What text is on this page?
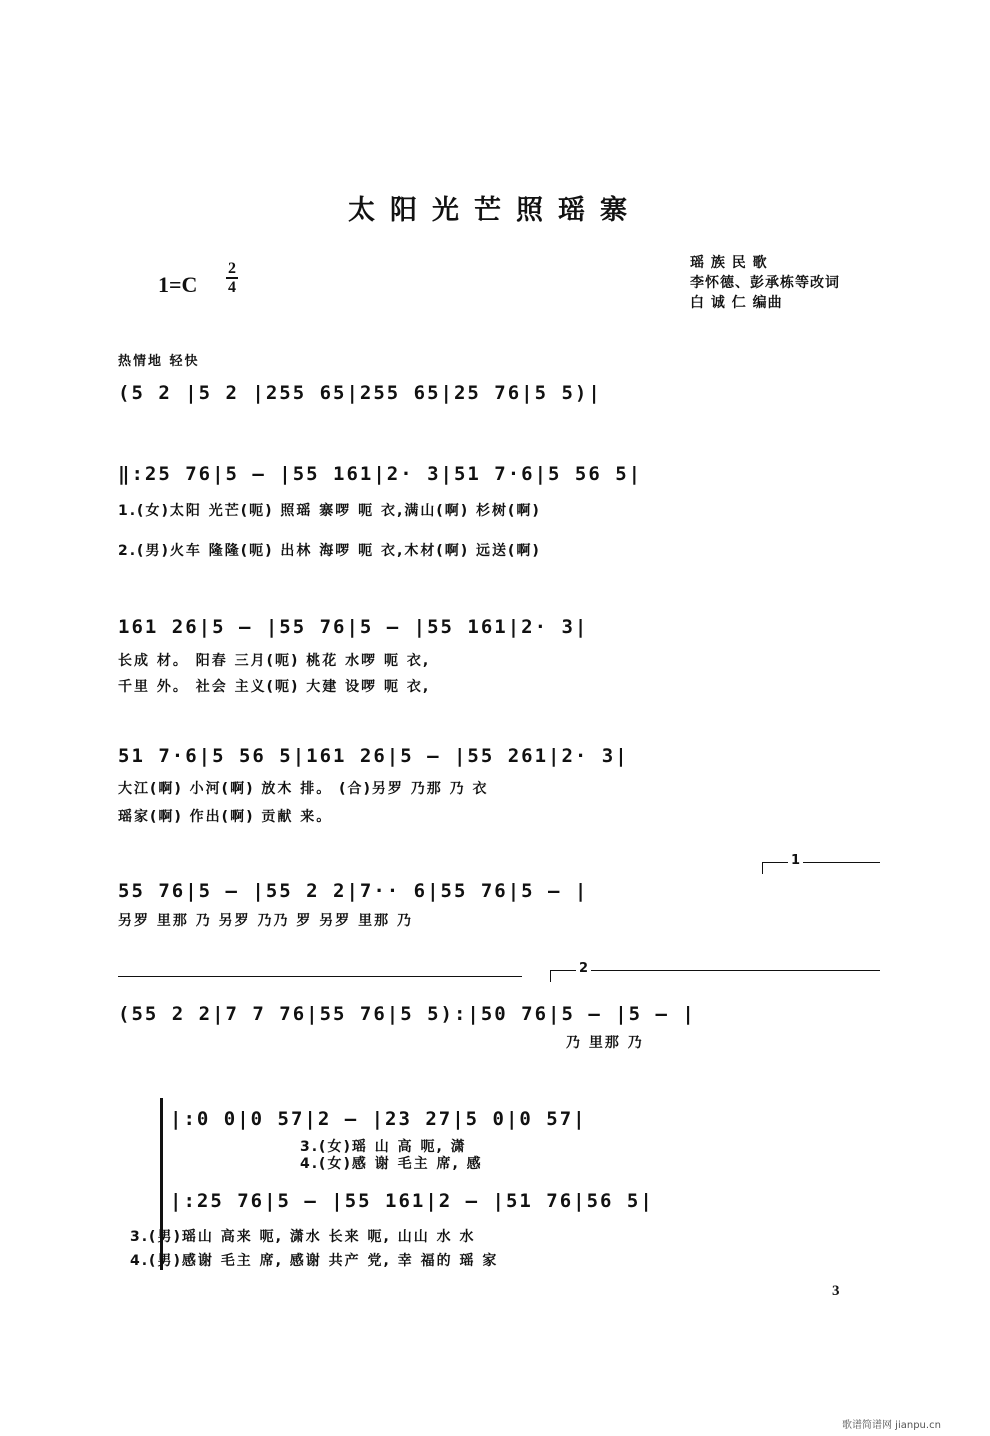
太阳光芒照瑶寨
1=C
2
4
瑶 族 民 歌
李怀德、彭承栋等改词
白 诚 仁 编曲
热情地 轻快
(5 2 |5 2 |255 65|255 65|25 76|5 5)|
‖:25 76|5 — |55 161|2· 3|51 7·6|5 56 5|
1.(女)太阳 光芒(呃) 照瑶 寨啰 呃 衣,满山(啊) 杉树(啊)
2.(男)火车 隆隆(呃) 出林 海啰 呃 衣,木材(啊) 远送(啊)
161 26|5 — |55 76|5 — |55 161|2· 3|
长成 材。 阳春 三月(呃) 桃花 水啰 呃 衣,
千里 外。 社会 主义(呃) 大建 设啰 呃 衣,
51 7·6|5 56 5|161 26|5 — |55 261|2· 3|
大江(啊) 小河(啊) 放木 排。 (合)另罗 乃那 乃 衣
瑶家(啊) 作出(啊) 贡献 来。
1
55 76|5 — |55 2 2|7·· 6|55 76|5 — |
另罗 里那 乃 另罗 乃乃 罗 另罗 里那 乃
2
(55 2 2|7 7 76|55 76|5 5):|50 76|5 — |5 — |
乃 里那 乃
|:0 0|0 57|2 — |23 27|5 0|0 57|
3.(女)瑶 山 高 呃, 潇
4.(女)感 谢 毛主 席, 感
|:25 76|5 — |55 161|2 — |51 76|56 5|
3.(男)瑶山 高来 呃, 潇水 长来 呃, 山山 水 水
4.(男)感谢 毛主 席, 感谢 共产 党, 幸 福的 瑶 家
3
歌谱简谱网 jianpu.cn
